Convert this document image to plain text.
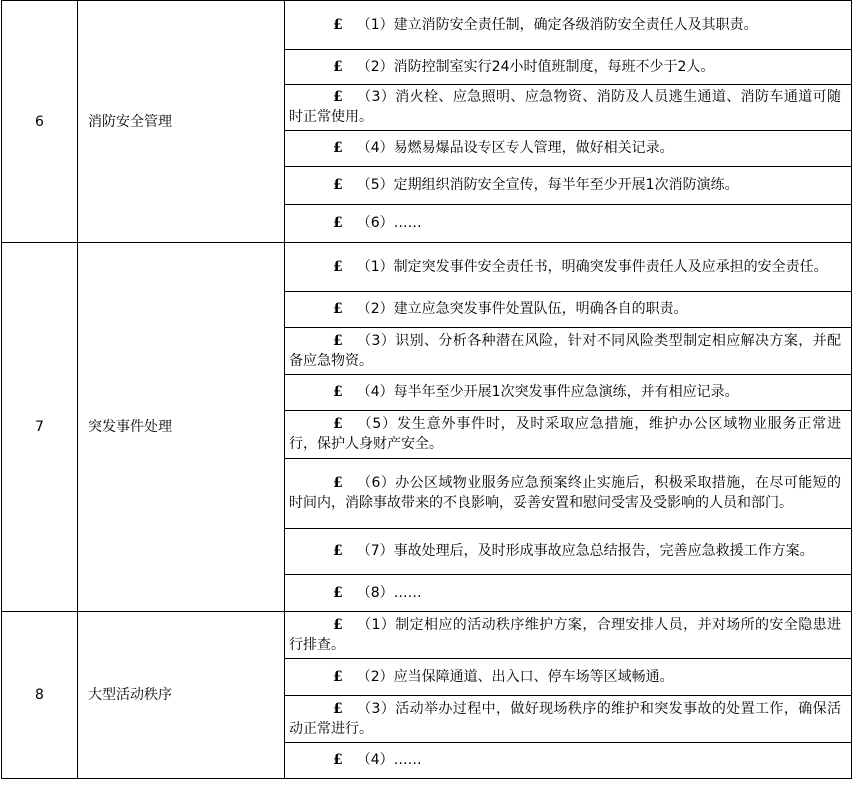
6	消防安全管理	£ （1）建立消防安全责任制，确定各级消防安全责任人及其职责。
		£ （2）消防控制室实行24小时值班制度，每班不少于2人。
		£ （3）消火栓、应急照明、应急物资、消防及人员逃生通道、消防车通道可随时正常使用。
		£ （4）易燃易爆品设专区专人管理，做好相关记录。
		£ （5）定期组织消防安全宣传，每半年至少开展1次消防演练。
		£ （6）……
7	突发事件处理	£ （1）制定突发事件安全责任书，明确突发事件责任人及应承担的安全责任。
		£ （2）建立应急突发事件处置队伍，明确各自的职责。
		£ （3）识别、分析各种潜在风险，针对不同风险类型制定相应解决方案，并配备应急物资。
		£ （4）每半年至少开展1次突发事件应急演练，并有相应记录。
		£ （5）发生意外事件时，及时采取应急措施，维护办公区域物业服务正常进行，保护人身财产安全。
		£ （6）办公区域物业服务应急预案终止实施后，积极采取措施，在尽可能短的时间内，消除事故带来的不良影响，妥善安置和慰问受害及受影响的人员和部门。
		£ （7）事故处理后，及时形成事故应急总结报告，完善应急救援工作方案。
		£ （8）……
8	大型活动秩序	£ （1）制定相应的活动秩序维护方案，合理安排人员，并对场所的安全隐患进行排查。
		£ （2）应当保障通道、出入口、停车场等区域畅通。
		£ （3）活动举办过程中，做好现场秩序的维护和突发事故的处置工作，确保活动正常进行。
		£ （4）……
